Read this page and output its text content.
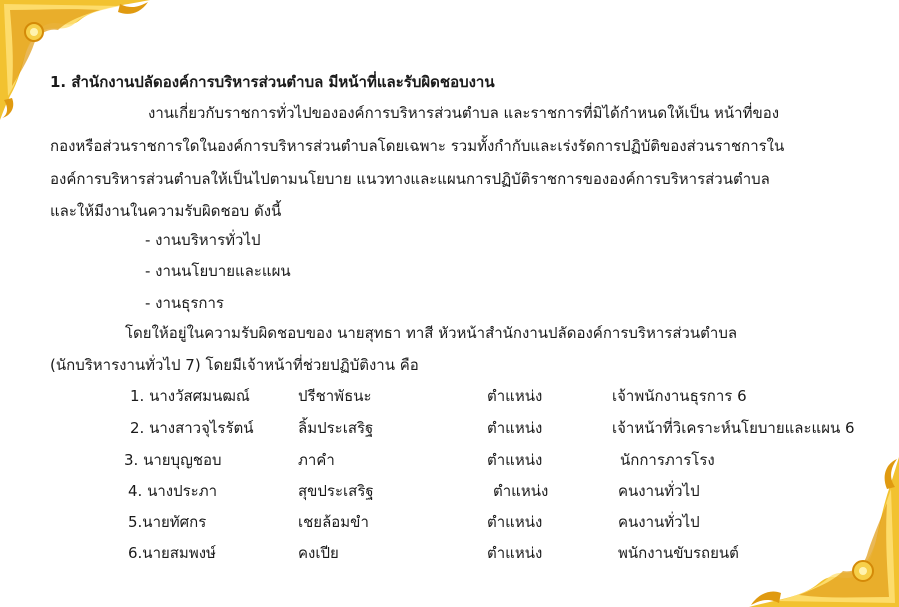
1. สำนักงานปลัดองค์การบริหารส่วนตำบล มีหน้าที่และรับผิดชอบงาน
งานเกี่ยวกับราชการทั่วไปขององค์การบริหารส่วนตำบล และราชการที่มิได้กำหนดให้เป็น หน้าที่ของ
กองหรือส่วนราชการใดในองค์การบริหารส่วนตำบลโดยเฉพาะ รวมทั้งกำกับและเร่งรัดการปฏิบัติของส่วนราชการใน
องค์การบริหารส่วนตำบลให้เป็นไปตามนโยบาย แนวทางและแผนการปฏิบัติราชการขององค์การบริหารส่วนตำบล
และให้มีงานในความรับผิดชอบ ดังนี้
- งานบริหารทั่วไป
- งานนโยบายและแผน
- งานธุรการ
โดยให้อยู่ในความรับผิดชอบของ นายสุทธา ทาสี หัวหน้าสำนักงานปลัดองค์การบริหารส่วนตำบล
(นักบริหารงานทั่วไป 7) โดยมีเจ้าหน้าที่ช่วยปฏิบัติงาน คือ
1. นางวัสศมนฒณ์	ปรีชาพัธนะ	ตำแหน่ง	เจ้าพนักงานธุรการ 6
2. นางสาวจุไรรัตน์	ลิ้มประเสริฐ	ตำแหน่ง	เจ้าหน้าที่วิเคราะห์นโยบายและแผน 6
3. นายบุญชอบ	ภาคำ	ตำแหน่ง	นักการภารโรง
4. นางประภา	สุขประเสริฐ	ตำแหน่ง	คนงานทั่วไป
5.นายทัศกร	เชยล้อมขำ	ตำแหน่ง	คนงานทั่วไป
6.นายสมพงษ์	คงเปีย	ตำแหน่ง	พนักงานขับรถยนต์
